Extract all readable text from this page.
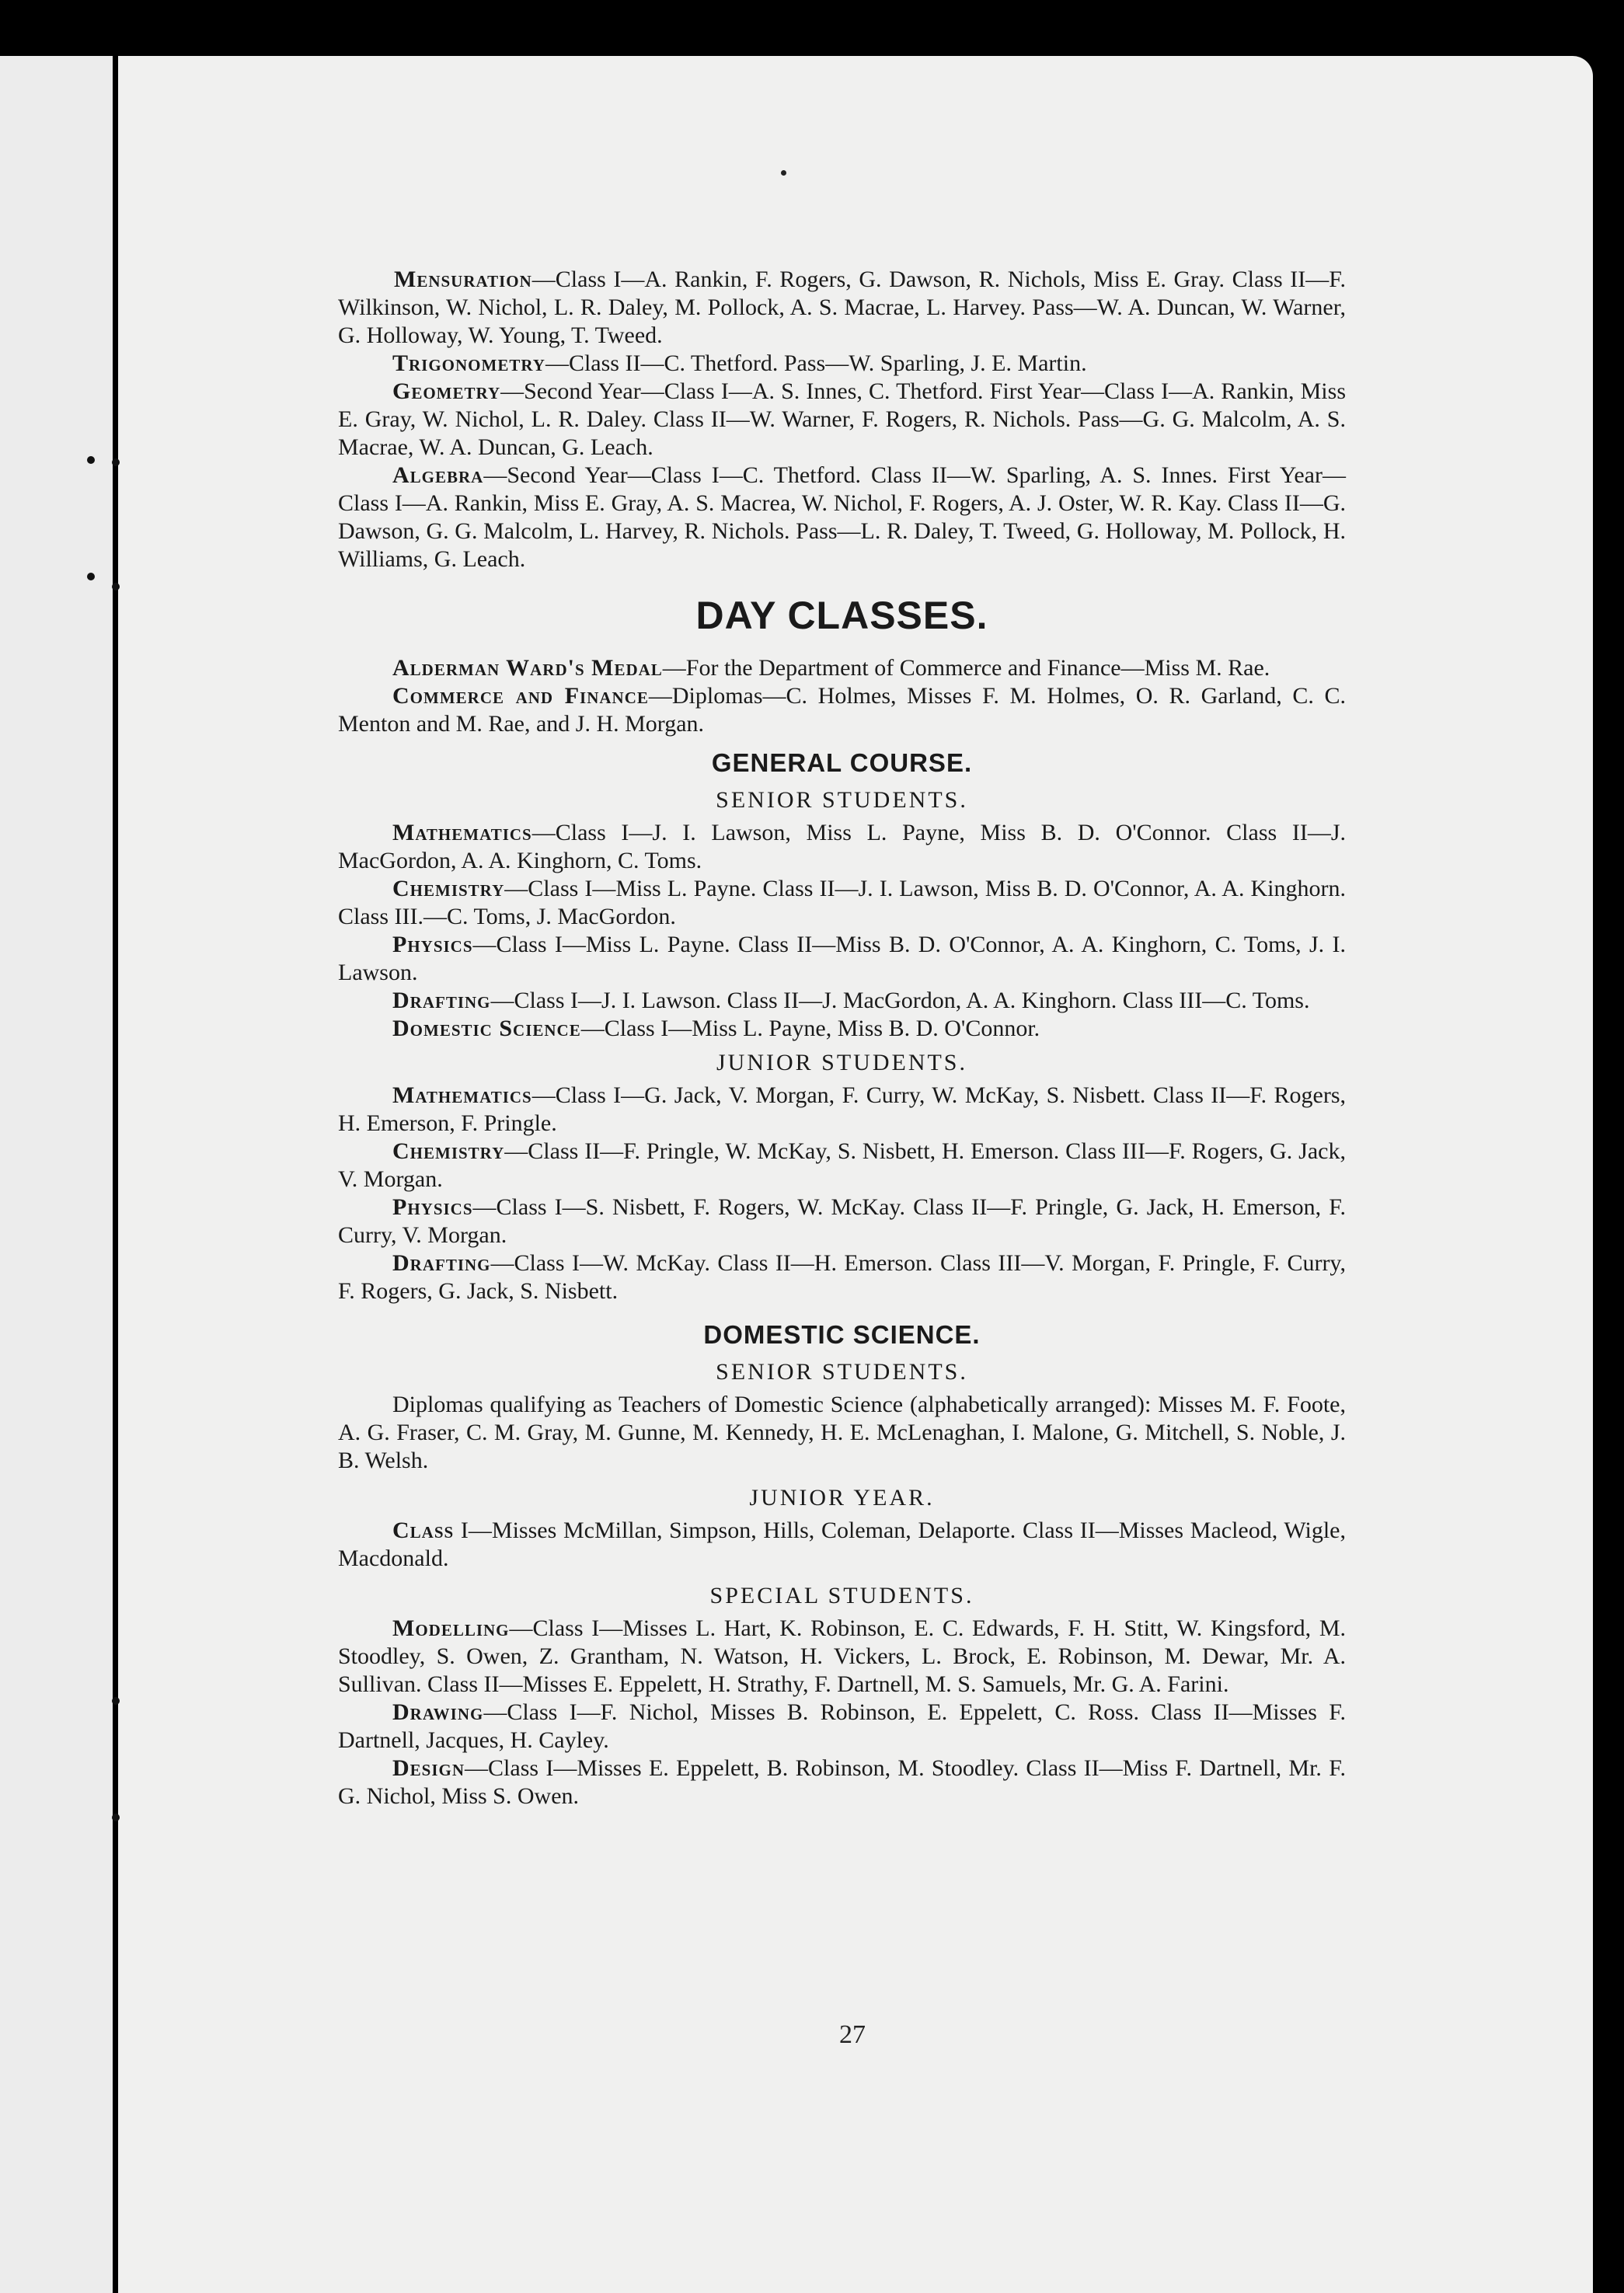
Mensuration—Class I—A. Rankin, F. Rogers, G. Dawson, R. Nichols, Miss E. Gray. Class II—F. Wilkinson, W. Nichol, L. R. Daley, M. Pollock, A. S. Macrae, L. Harvey. Pass—W. A. Duncan, W. Warner, G. Holloway, W. Young, T. Tweed.

Trigonometry—Class II—C. Thetford. Pass—W. Sparling, J. E. Martin.

Geometry—Second Year—Class I—A. S. Innes, C. Thetford. First Year—Class I—A. Rankin, Miss E. Gray, W. Nichol, L. R. Daley. Class II—W. Warner, F. Rogers, R. Nichols. Pass—G. G. Malcolm, A. S. Macrae, W. A. Duncan, G. Leach.

Algebra—Second Year—Class I—C. Thetford. Class II—W. Sparling, A. S. Innes. First Year—Class I—A. Rankin, Miss E. Gray, A. S. Macrea, W. Nichol, F. Rogers, A. J. Oster, W. R. Kay. Class II—G. Dawson, G. G. Malcolm, L. Harvey, R. Nichols. Pass—L. R. Daley, T. Tweed, G. Holloway, M. Pollock, H. Williams, G. Leach.

DAY CLASSES.

Alderman Ward's Medal—For the Department of Commerce and Finance—Miss M. Rae.

Commerce and Finance—Diplomas—C. Holmes, Misses F. M. Holmes, O. R. Garland, C. C. Menton and M. Rae, and J. H. Morgan.

GENERAL COURSE.
SENIOR STUDENTS.

Mathematics—Class I—J. I. Lawson, Miss L. Payne, Miss B. D. O'Connor. Class II—J. MacGordon, A. A. Kinghorn, C. Toms.

Chemistry—Class I—Miss L. Payne. Class II—J. I. Lawson, Miss B. D. O'Connor, A. A. Kinghorn. Class III.—C. Toms, J. MacGordon.

Physics—Class I—Miss L. Payne. Class II—Miss B. D. O'Connor, A. A. Kinghorn, C. Toms, J. I. Lawson.

Drafting—Class I—J. I. Lawson. Class II—J. MacGordon, A. A. Kinghorn. Class III—C. Toms.

Domestic Science—Class I—Miss L. Payne, Miss B. D. O'Connor.

JUNIOR STUDENTS.

Mathematics—Class I—G. Jack, V. Morgan, F. Curry, W. McKay, S. Nisbett. Class II—F. Rogers, H. Emerson, F. Pringle.

Chemistry—Class II—F. Pringle, W. McKay, S. Nisbett, H. Emerson. Class III—F. Rogers, G. Jack, V. Morgan.

Physics—Class I—S. Nisbett, F. Rogers, W. McKay. Class II—F. Pringle, G. Jack, H. Emerson, F. Curry, V. Morgan.

Drafting—Class I—W. McKay. Class II—H. Emerson. Class III—V. Morgan, F. Pringle, F. Curry, F. Rogers, G. Jack, S. Nisbett.

DOMESTIC SCIENCE.
SENIOR STUDENTS.

Diplomas qualifying as Teachers of Domestic Science (alphabetically arranged): Misses M. F. Foote, A. G. Fraser, C. M. Gray, M. Gunne, M. Kennedy, H. E. McLenaghan, I. Malone, G. Mitchell, S. Noble, J. B. Welsh.

JUNIOR YEAR.

Class I—Misses McMillan, Simpson, Hills, Coleman, Delaporte. Class II—Misses Macleod, Wigle, Macdonald.

SPECIAL STUDENTS.

Modelling—Class I—Misses L. Hart, K. Robinson, E. C. Edwards, F. H. Stitt, W. Kingsford, M. Stoodley, S. Owen, Z. Grantham, N. Watson, H. Vickers, L. Brock, E. Robinson, M. Dewar, Mr. A. Sullivan. Class II—Misses E. Eppelett, H. Strathy, F. Dartnell, M. S. Samuels, Mr. G. A. Farini.

Drawing—Class I—F. Nichol, Misses B. Robinson, E. Eppelett, C. Ross. Class II—Misses F. Dartnell, Jacques, H. Cayley.

Design—Class I—Misses E. Eppelett, B. Robinson, M. Stoodley. Class II—Miss F. Dartnell, Mr. F. G. Nichol, Miss S. Owen.

27
